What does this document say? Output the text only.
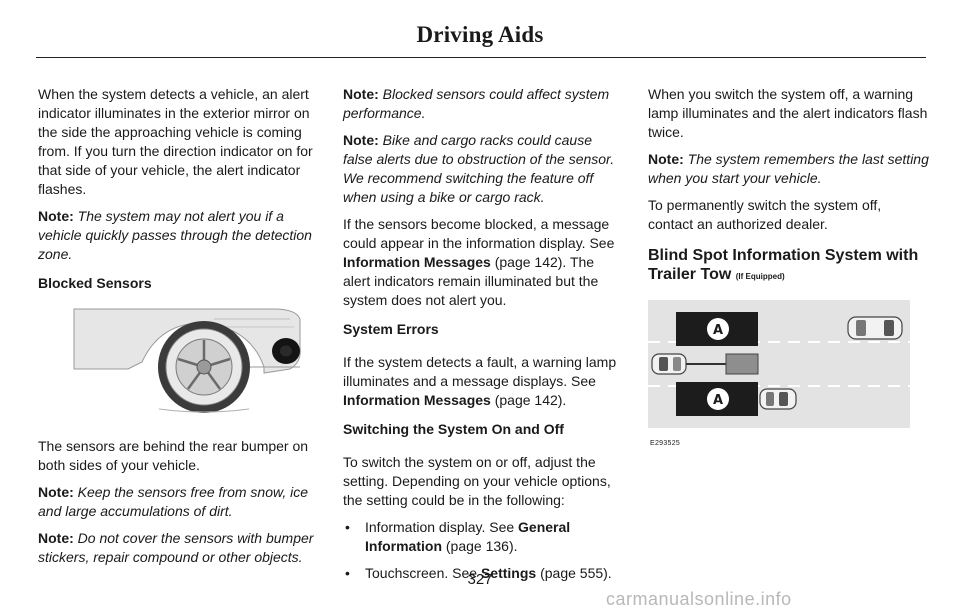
Driving Aids

When the system detects a vehicle, an alert indicator illuminates in the exterior mirror on the side the approaching vehicle is coming from. If you turn the direction indicator on for that side of your vehicle, the alert indicator flashes.

Note: The system may not alert you if a vehicle quickly passes through the detection zone.

Blocked Sensors

The sensors are behind the rear bumper on both sides of your vehicle.

Note: Keep the sensors free from snow, ice and large accumulations of dirt.

Note: Do not cover the sensors with bumper stickers, repair compound or other objects.

Note: Blocked sensors could affect system performance.

Note: Bike and cargo racks could cause false alerts due to obstruction of the sensor. We recommend switching the feature off when using a bike or cargo rack.

If the sensors become blocked, a message could appear in the information display. See Information Messages (page 142). The alert indicators remain illuminated but the system does not alert you.

System Errors

If the system detects a fault, a warning lamp illuminates and a message displays. See Information Messages (page 142).

Switching the System On and Off

To switch the system on or off, adjust the setting. Depending on your vehicle options, the setting could be in the following:

• Information display. See General Information (page 136).
• Touchscreen. See Settings (page 555).

When you switch the system off, a warning lamp illuminates and the alert indicators flash twice.

Note: The system remembers the last setting when you start your vehicle.

To permanently switch the system off, contact an authorized dealer.

Blind Spot Information System with Trailer Tow (If Equipped)

A
A

E293525

327
carmanualsonline.info
